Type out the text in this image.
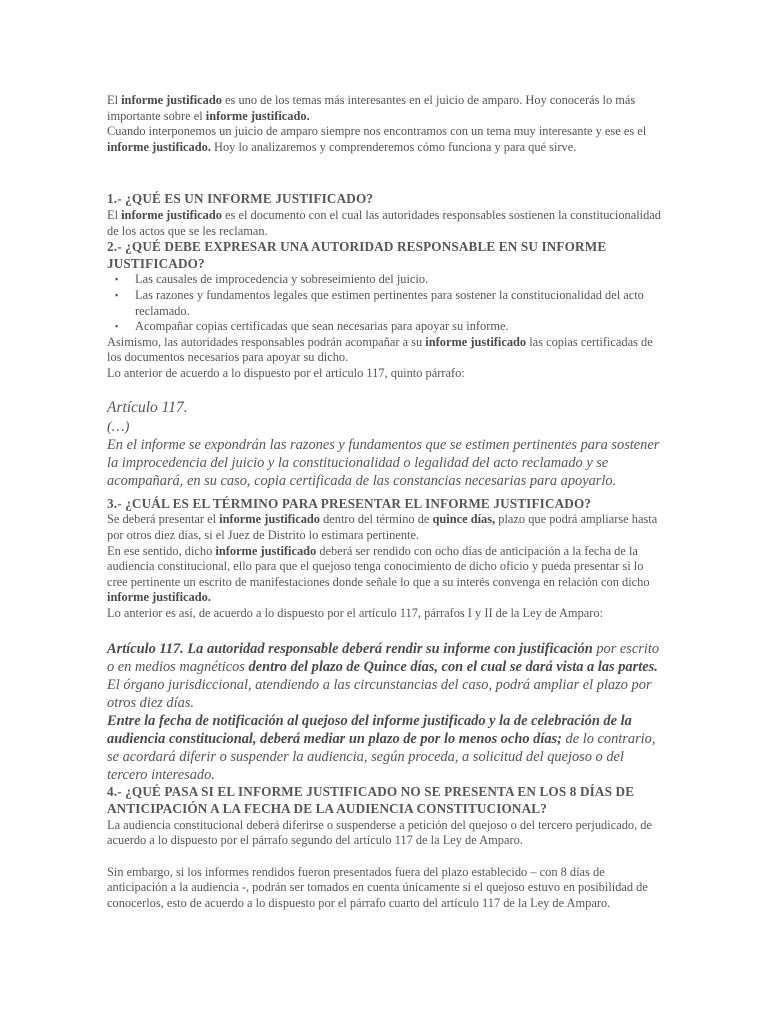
El informe justificado es uno de los temas más interesantes en el juicio de amparo. Hoy conocerás lo más importante sobre el informe justificado.

Cuando interponemos un juicio de amparo siempre nos encontramos con un tema muy interesante y ese es el informe justificado. Hoy lo analizaremos y comprenderemos cómo funciona y para qué sirve.

1.- ¿QUÉ ES UN INFORME JUSTIFICADO?

El informe justificado es el documento con el cual las autoridades responsables sostienen la constitucionalidad de los actos que se les reclaman.

2.- ¿QUÉ DEBE EXPRESAR UNA AUTORIDAD RESPONSABLE EN SU INFORME JUSTIFICADO?

▪ Las causales de improcedencia y sobreseimiento del juicio.
▪ Las razones y fundamentos legales que estimen pertinentes para sostener la constitucionalidad del acto reclamado.
▪ Acompañar copias certificadas que sean necesarias para apoyar su informe.

Asimismo, las autoridades responsables podrán acompañar a su informe justificado las copias certificadas de los documentos necesarios para apoyar su dicho.

Lo anterior de acuerdo a lo dispuesto por el artículo 117, quinto párrafo:

Artículo 117.

(…)

En el informe se expondrán las razones y fundamentos que se estimen pertinentes para sostener la improcedencia del juicio y la constitucionalidad o legalidad del acto reclamado y se acompañará, en su caso, copia certificada de las constancias necesarias para apoyarlo.

3.- ¿CUÁL ES EL TÉRMINO PARA PRESENTAR EL INFORME JUSTIFICADO?

Se deberá presentar el informe justificado dentro del término de quince días, plazo que podrá ampliarse hasta por otros diez días, si el Juez de Distrito lo estimara pertinente.

En ese sentido, dicho informe justificado deberá ser rendido con ocho días de anticipación a la fecha de la audiencia constitucional, ello para que el quejoso tenga conocimiento de dicho oficio y pueda presentar si lo cree pertinente un escrito de manifestaciones donde señale lo que a su interés convenga en relación con dicho informe justificado.

Lo anterior es así, de acuerdo a lo dispuesto por el artículo 117, párrafos I y II de la Ley de Amparo:

Artículo 117. La autoridad responsable deberá rendir su informe con justificación por escrito o en medios magnéticos dentro del plazo de Quince días, con el cual se dará vista a las partes. El órgano jurisdiccional, atendiendo a las circunstancias del caso, podrá ampliar el plazo por otros diez días.

Entre la fecha de notificación al quejoso del informe justificado y la de celebración de la audiencia constitucional, deberá mediar un plazo de por lo menos ocho días; de lo contrario, se acordará diferir o suspender la audiencia, según proceda, a solicitud del quejoso o del tercero interesado.

4.- ¿QUÉ PASA SI EL INFORME JUSTIFICADO NO SE PRESENTA EN LOS 8 DÍAS DE ANTICIPACIÓN A LA FECHA DE LA AUDIENCIA CONSTITUCIONAL?

La audiencia constitucional deberá diferirse o suspenderse a petición del quejoso o del tercero perjudicado, de acuerdo a lo dispuesto por el párrafo segundo del artículo 117 de la Ley de Amparo.

Sin embargo, si los informes rendidos fueron presentados fuera del plazo establecido – con 8 días de anticipación a la audiencia -, podrán ser tomados en cuenta únicamente si el quejoso estuvo en posibilidad de conocerlos, esto de acuerdo a lo dispuesto por el párrafo cuarto del artículo 117 de la Ley de Amparo.
